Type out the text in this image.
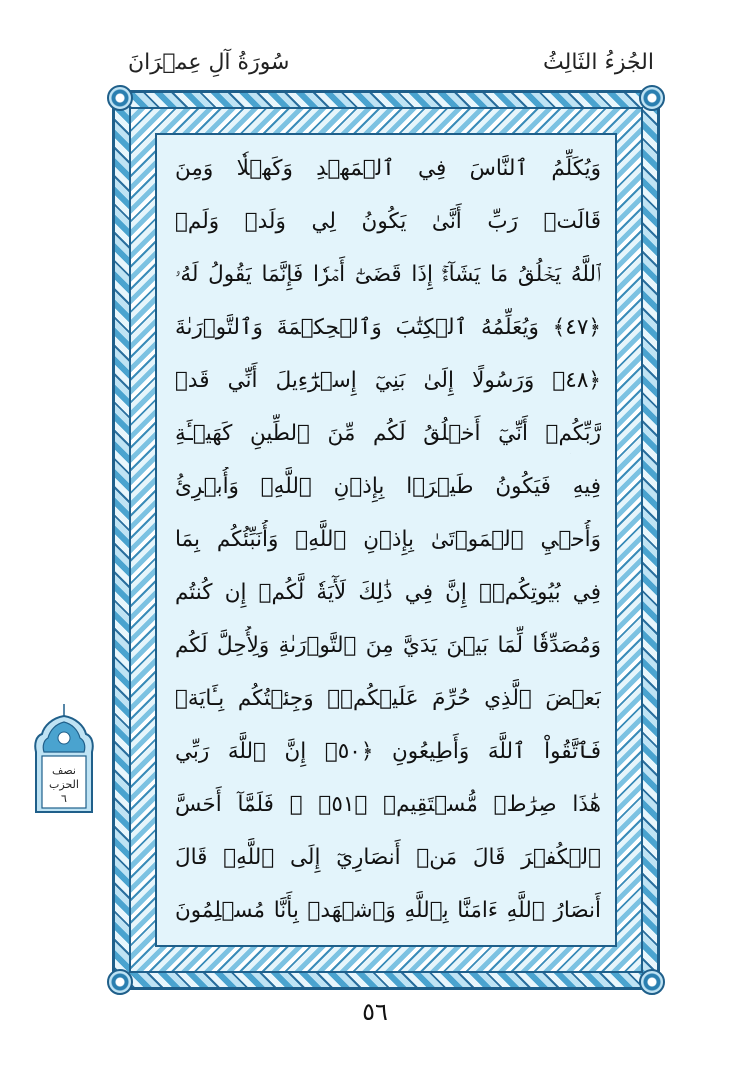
سُورَةُ آلِ عِمۡرَانَ	الجُزءُ الثَالِثُ
وَيُكَلِّمُ ٱلنَّاسَ فِي ٱلۡمَهۡدِ وَكَهۡلٗا وَمِنَ
قَالَتۡ رَبِّ أَنَّىٰ يَكُونُ لِي وَلَدٞ وَلَمۡ
ٱللَّهُ يَخۡلُقُ مَا يَشَآءُۚ إِذَا قَضَىٰٓ أَمۡرٗا فَإِنَّمَا يَقُولُ لَهُۥ
﴿٤٧﴾ وَيُعَلِّمُهُ ٱلۡكِتَٰبَ وَٱلۡحِكۡمَةَ وَٱلتَّوۡرَىٰةَ
﴿٤٨﴾ وَرَسُولًا إِلَىٰ بَنِيٓ إِسۡرَٰٓءِيلَ أَنِّي قَدۡ
رَّبِّكُمۡ أَنِّيٓ أَخۡلُقُ لَكُم مِّنَ ٱلطِّينِ كَهَيۡـَٔةِ
فِيهِ فَيَكُونُ طَيۡرَۢا بِإِذۡنِ ٱللَّهِۖ وَأُبۡرِئُ
وَأُحۡيِ ٱلۡمَوۡتَىٰ بِإِذۡنِ ٱللَّهِۖ وَأُنَبِّئُكُم بِمَا
فِي بُيُوتِكُمۡۚ إِنَّ فِي ذَٰلِكَ لَأٓيَةٗ لَّكُمۡ إِن كُنتُم
وَمُصَدِّقٗا لِّمَا بَيۡنَ يَدَيَّ مِنَ ٱلتَّوۡرَىٰةِ وَلِأُحِلَّ لَكُم
بَعۡضَ ٱلَّذِي حُرِّمَ عَلَيۡكُمۡۚ وَجِئۡتُكُم بِـَٔايَةٖ
فَٱتَّقُواْ ٱللَّهَ وَأَطِيعُونِ ﴿٥٠﴾ إِنَّ ٱللَّهَ رَبِّي
هَٰذَا صِرَٰطٞ مُّسۡتَقِيمٞ ﴿٥١﴾ ۞ فَلَمَّآ أَحَسَّ
ٱلۡكُفۡرَ قَالَ مَنۡ أَنصَارِيٓ إِلَى ٱللَّهِۖ قَالَ
أَنصَارُ ٱللَّهِ ءَامَنَّا بِٱللَّهِ وَٱشۡهَدۡ بِأَنَّا مُسۡلِمُونَ
نصف
الحزب
٦
٥٦
